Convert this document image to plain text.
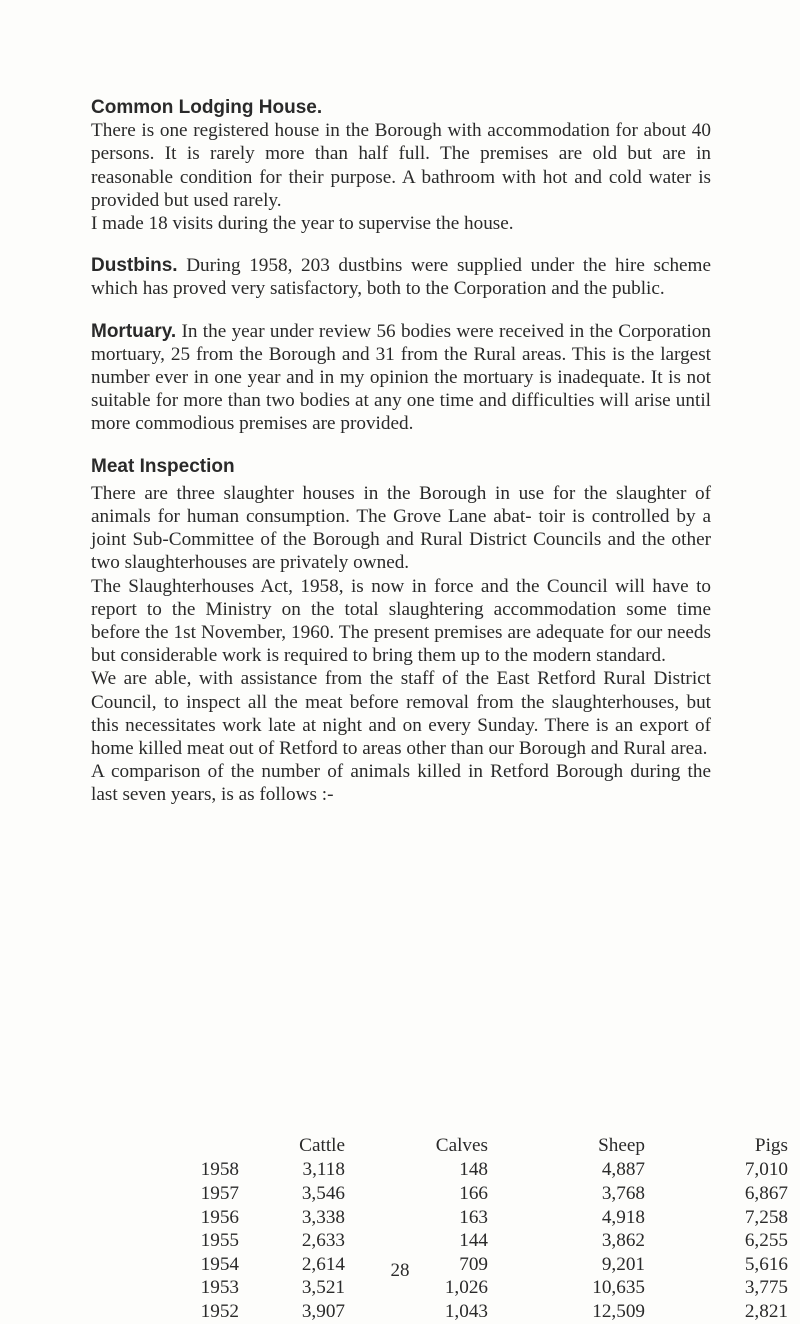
Common Lodging House.

There is one registered house in the Borough with accommodation for about 40 persons. It is rarely more than half full. The premises are old but are in reasonable condition for their purpose. A bathroom with hot and cold water is provided but used rarely.

I made 18 visits during the year to supervise the house.

Dustbins. During 1958, 203 dustbins were supplied under the hire scheme which has proved very satisfactory, both to the Corporation and the public.

Mortuary. In the year under review 56 bodies were received in the Corporation mortuary, 25 from the Borough and 31 from the Rural areas. This is the largest number ever in one year and in my opinion the mortuary is inadequate. It is not suitable for more than two bodies at any one time and difficulties will arise until more commodious premises are provided.

Meat Inspection

There are three slaughter houses in the Borough in use for the slaughter of animals for human consumption. The Grove Lane abat- toir is controlled by a joint Sub-Committee of the Borough and Rural District Councils and the other two slaughterhouses are privately owned.

The Slaughterhouses Act, 1958, is now in force and the Council will have to report to the Ministry on the total slaughtering accommodation some time before the 1st November, 1960. The present premises are adequate for our needs but considerable work is required to bring them up to the modern standard.

We are able, with assistance from the staff of the East Retford Rural District Council, to inspect all the meat before removal from the slaughterhouses, but this necessitates work late at night and on every Sunday. There is an export of home killed meat out of Retford to areas other than our Borough and Rural area.

A comparison of the number of animals killed in Retford Borough during the last seven years, is as follows :-

	Cattle	Calves	Sheep	Pigs
1958	3,118	148	4,887	7,010
1957	3,546	166	3,768	6,867
1956	3,338	163	4,918	7,258
1955	2,633	144	3,862	6,255
1954	2,614	709	9,201	5,616
1953	3,521	1,026	10,635	3,775
1952	3,907	1,043	12,509	2,821
28
